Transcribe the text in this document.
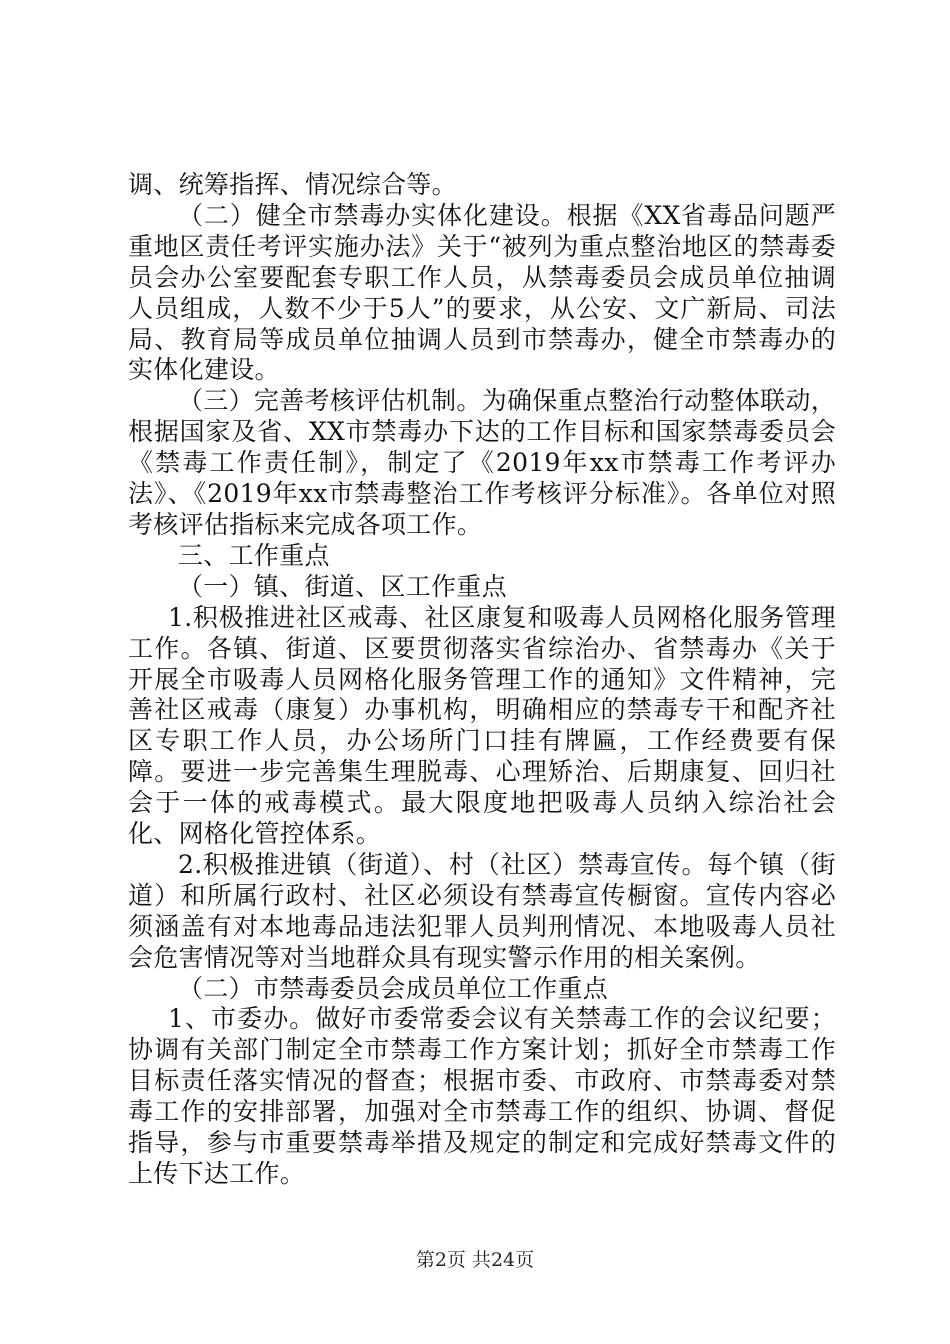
调、统筹指挥、情况综合等。

（二）健全市禁毒办实体化建设。根据《XX省毒品问题严重地区责任考评实施办法》关于“被列为重点整治地区的禁毒委员会办公室要配套专职工作人员，从禁毒委员会成员单位抽调人员组成，人数不少于5人”的要求，从公安、文广新局、司法局、教育局等成员单位抽调人员到市禁毒办，健全市禁毒办的实体化建设。

（三）完善考核评估机制。为确保重点整治行动整体联动，根据国家及省、XX市禁毒办下达的工作目标和国家禁毒委员会《禁毒工作责任制》，制定了《2019年xx市禁毒工作考评办法》、《2019年xx市禁毒整治工作考核评分标准》。各单位对照考核评估指标来完成各项工作。

三、工作重点

（一）镇、街道、区工作重点

1.积极推进社区戒毒、社区康复和吸毒人员网格化服务管理工作。各镇、街道、区要贯彻落实省综治办、省禁毒办《关于开展全市吸毒人员网格化服务管理工作的通知》文件精神，完善社区戒毒（康复）办事机构，明确相应的禁毒专干和配齐社区专职工作人员，办公场所门口挂有牌匾，工作经费要有保障。要进一步完善集生理脱毒、心理矫治、后期康复、回归社会于一体的戒毒模式。最大限度地把吸毒人员纳入综治社会化、网格化管控体系。

2.积极推进镇（街道）、村（社区）禁毒宣传。每个镇（街道）和所属行政村、社区必须设有禁毒宣传橱窗。宣传内容必须涵盖有对本地毒品违法犯罪人员判刑情况、本地吸毒人员社会危害情况等对当地群众具有现实警示作用的相关案例。

（二）市禁毒委员会成员单位工作重点

1、市委办。做好市委常委会议有关禁毒工作的会议纪要；协调有关部门制定全市禁毒工作方案计划；抓好全市禁毒工作目标责任落实情况的督查；根据市委、市政府、市禁毒委对禁毒工作的安排部署，加强对全市禁毒工作的组织、协调、督促指导，参与市重要禁毒举措及规定的制定和完成好禁毒文件的上传下达工作。

第2页 共24页
